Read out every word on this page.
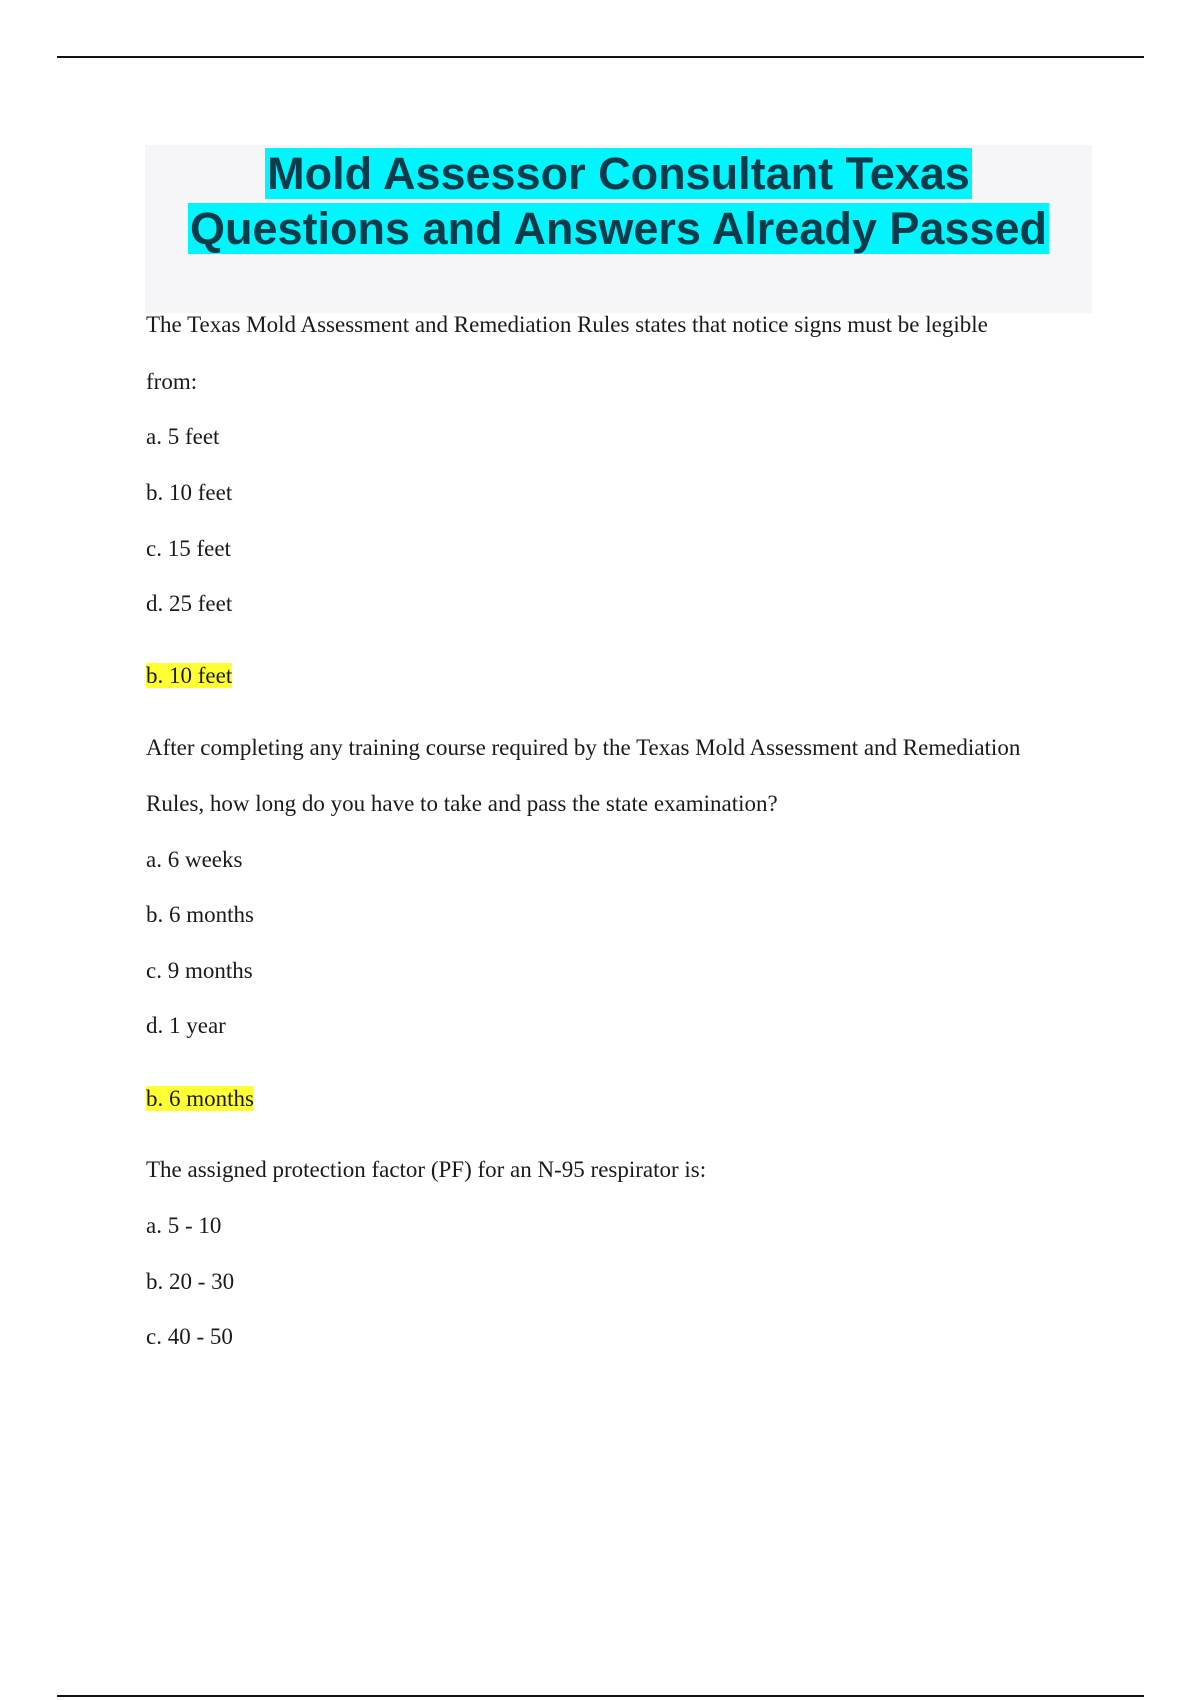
Mold Assessor Consultant Texas
Questions and Answers Already Passed
The Texas Mold Assessment and Remediation Rules states that notice signs must be legible
from:
a. 5 feet
b. 10 feet
c. 15 feet
d. 25 feet
b. 10 feet
After completing any training course required by the Texas Mold Assessment and Remediation
Rules, how long do you have to take and pass the state examination?
a. 6 weeks
b. 6 months
c. 9 months
d. 1 year
b. 6 months
The assigned protection factor (PF) for an N-95 respirator is:
a. 5 - 10
b. 20 - 30
c. 40 - 50
